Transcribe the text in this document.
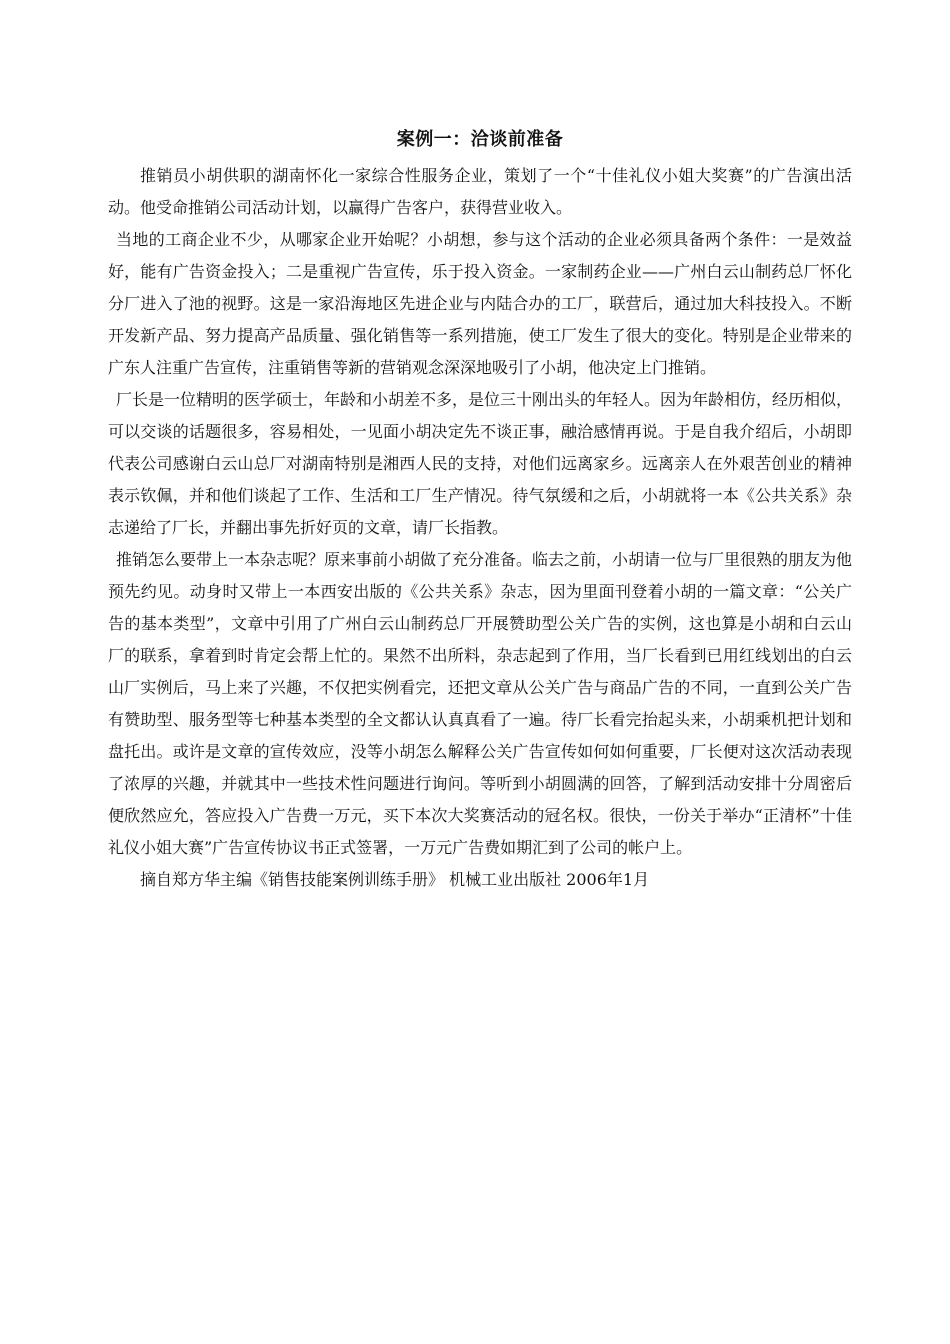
案例一：洽谈前准备

推销员小胡供职的湖南怀化一家综合性服务企业，策划了一个“十佳礼仪小姐大奖赛”的广告演出活动。他受命推销公司活动计划，以赢得广告客户，获得营业收入。

当地的工商企业不少，从哪家企业开始呢？小胡想，参与这个活动的企业必须具备两个条件：一是效益好，能有广告资金投入；二是重视广告宣传，乐于投入资金。一家制药企业——广州白云山制药总厂怀化分厂进入了池的视野。这是一家沿海地区先进企业与内陆合办的工厂，联营后，通过加大科技投入。不断开发新产品、努力提高产品质量、强化销售等一系列措施，使工厂发生了很大的变化。特别是企业带来的广东人注重广告宣传，注重销售等新的营销观念深深地吸引了小胡，他决定上门推销。

厂长是一位精明的医学硕士，年龄和小胡差不多，是位三十刚出头的年轻人。因为年龄相仿，经历相似，可以交谈的话题很多，容易相处，一见面小胡决定先不谈正事，融洽感情再说。于是自我介绍后，小胡即代表公司感谢白云山总厂对湖南特别是湘西人民的支持，对他们远离家乡。远离亲人在外艰苦创业的精神表示钦佩，并和他们谈起了工作、生活和工厂生产情况。待气氛缓和之后，小胡就将一本《公共关系》杂志递给了厂长，并翻出事先折好页的文章，请厂长指教。

推销怎么要带上一本杂志呢？原来事前小胡做了充分准备。临去之前，小胡请一位与厂里很熟的朋友为他预先约见。动身时又带上一本西安出版的《公共关系》杂志，因为里面刊登着小胡的一篇文章：“公关广告的基本类型”，文章中引用了广州白云山制药总厂开展赞助型公关广告的实例，这也算是小胡和白云山厂的联系，拿着到时肯定会帮上忙的。果然不出所料，杂志起到了作用，当厂长看到已用红线划出的白云山厂实例后，马上来了兴趣，不仅把实例看完，还把文章从公关广告与商品广告的不同，一直到公关广告有赞助型、服务型等七种基本类型的全文都认认真真看了一遍。待厂长看完抬起头来，小胡乘机把计划和盘托出。或许是文章的宣传效应，没等小胡怎么解释公关广告宣传如何如何重要，厂长便对这次活动表现了浓厚的兴趣，并就其中一些技术性问题进行询问。等听到小胡圆满的回答，了解到活动安排十分周密后便欣然应允，答应投入广告费一万元，买下本次大奖赛活动的冠名权。很快，一份关于举办“正清杯”十佳礼仪小姐大赛”广告宣传协议书正式签署，一万元广告费如期汇到了公司的帐户上。

摘自郑方华主编《销售技能案例训练手册》 机械工业出版社 2006年1月
